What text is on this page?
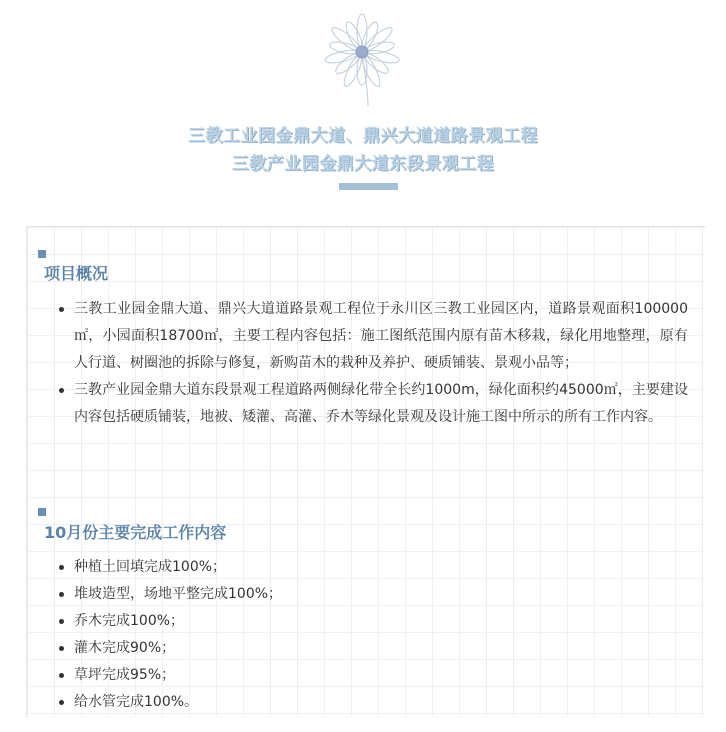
三教工业园金鼎大道、鼎兴大道道路景观工程
三教产业园金鼎大道东段景观工程
项目概况
三教工业园金鼎大道、鼎兴大道道路景观工程位于永川区三教工业园区内，道路景观面积100000㎡，小园面积18700㎡，主要工程内容包括：施工图纸范围内原有苗木移栽，绿化用地整理，原有人行道、树圈池的拆除与修复，新购苗木的栽种及养护、硬质铺装、景观小品等；
三教产业园金鼎大道东段景观工程道路两侧绿化带全长约1000m，绿化面积约45000㎡，主要建设内容包括硬质铺装，地被、矮灌、高灌、乔木等绿化景观及设计施工图中所示的所有工作内容。
10月份主要完成工作内容
种植土回填完成100%；
堆坡造型，场地平整完成100%；
乔木完成100%；
灌木完成90%；
草坪完成95%；
给水管完成100%。
